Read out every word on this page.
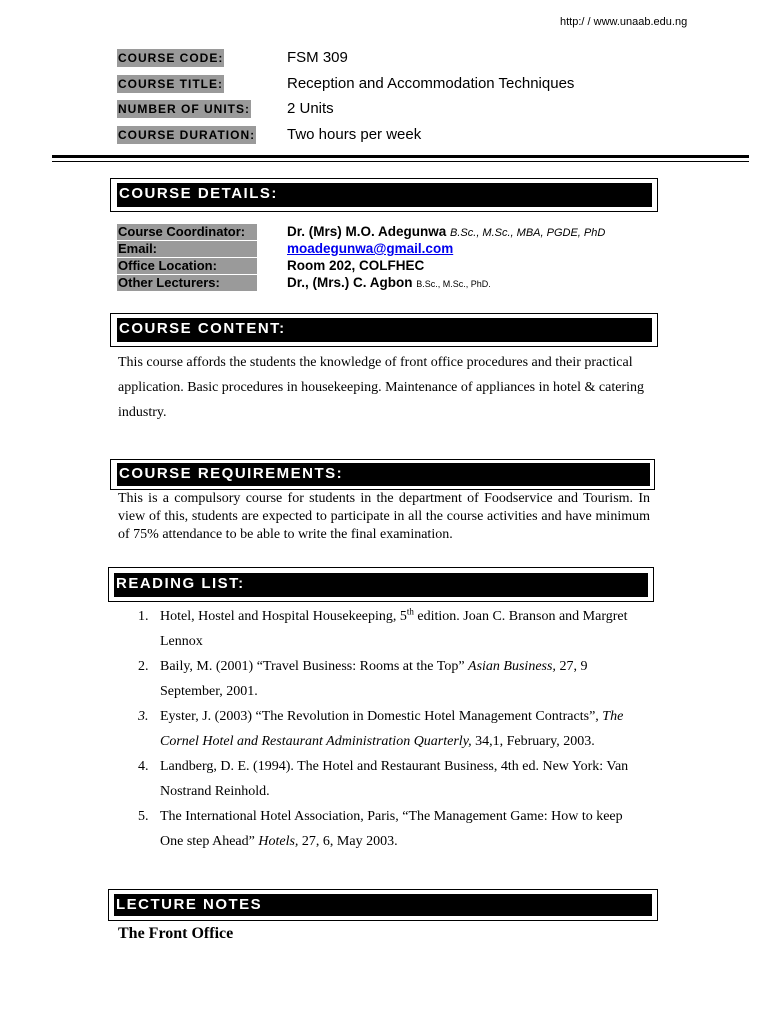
http:/ / www.unaab.edu.ng
COURSE CODE:	FSM 309
COURSE TITLE:	Reception and Accommodation Techniques
NUMBER OF UNITS: 2 Units
COURSE DURATION: Two hours per week
COURSE DETAILS:
Course Coordinator:	Dr. (Mrs) M.O. Adegunwa B.Sc., M.Sc., MBA, PGDE, PhD
Email:	moadegunwa@gmail.com
Office Location:	Room 202, COLFHEC
Other Lecturers:	Dr., (Mrs.) C. Agbon B.Sc., M.Sc., PhD.
COURSE CONTENT:
This course affords the students the knowledge of front office procedures and their practical application. Basic procedures in housekeeping. Maintenance of appliances in hotel & catering industry.
COURSE REQUIREMENTS:
This is a compulsory course for students in the department of Foodservice and Tourism. In view of this, students are expected to participate in all the course activities and have minimum of 75% attendance to be able to write the final examination.
READING LIST:
1. Hotel, Hostel and Hospital Housekeeping, 5th edition. Joan C. Branson and Margret Lennox
2. Baily, M. (2001) “Travel Business: Rooms at the Top” Asian Business, 27, 9 September, 2001.
3. Eyster, J. (2003) “The Revolution in Domestic Hotel Management Contracts”, The Cornel Hotel and Restaurant Administration Quarterly, 34,1, February, 2003.
4. Landberg, D. E. (1994). The Hotel and Restaurant Business, 4th ed. New York: Van Nostrand Reinhold.
5. The International Hotel Association, Paris, “The Management Game: How to keep One step Ahead” Hotels, 27, 6, May 2003.
LECTURE NOTES
The Front Office
